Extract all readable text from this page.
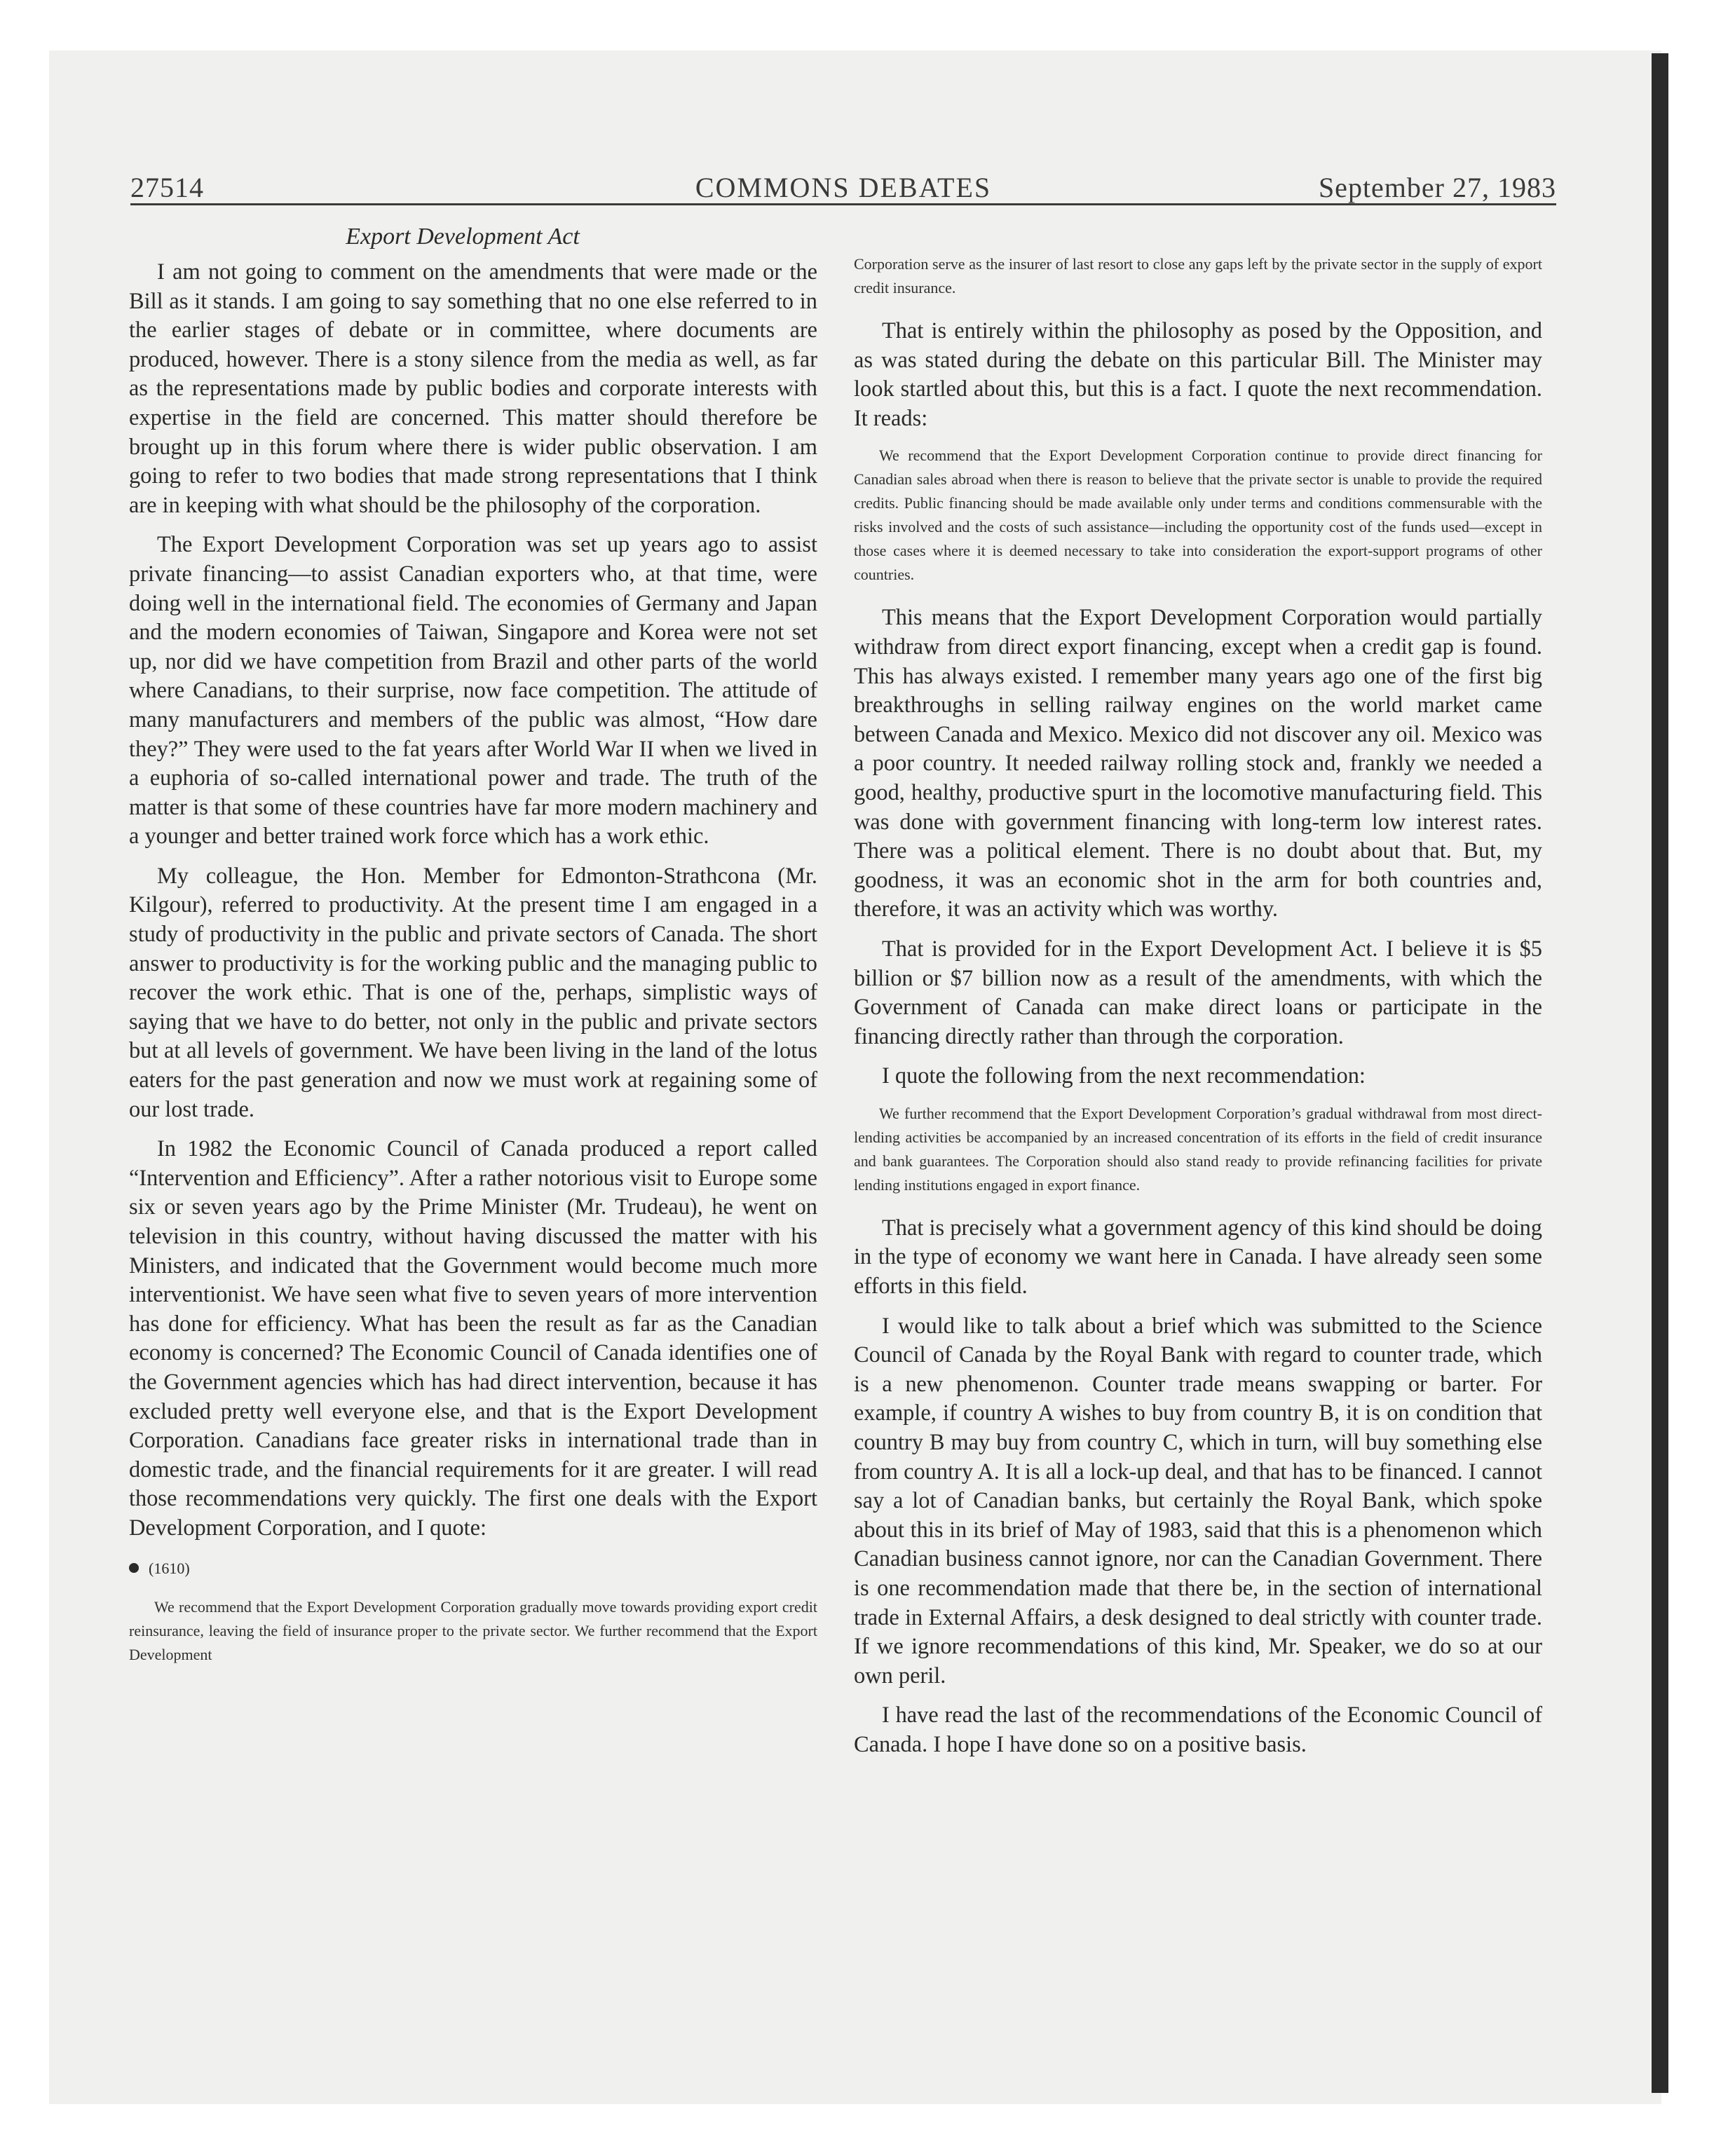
27514	COMMONS DEBATES	September 27, 1983
Export Development Act

I am not going to comment on the amendments that were made or the Bill as it stands. I am going to say something that no one else referred to in the earlier stages of debate or in committee, where documents are produced, however. There is a stony silence from the media as well, as far as the representations made by public bodies and corporate interests with expertise in the field are concerned. This matter should therefore be brought up in this forum where there is wider public observation. I am going to refer to two bodies that made strong representations that I think are in keeping with what should be the philosophy of the corporation.

The Export Development Corporation was set up years ago to assist private financing—to assist Canadian exporters who, at that time, were doing well in the international field. The economies of Germany and Japan and the modern economies of Taiwan, Singapore and Korea were not set up, nor did we have competition from Brazil and other parts of the world where Canadians, to their surprise, now face competition. The attitude of many manufacturers and members of the public was almost, “How dare they?” They were used to the fat years after World War II when we lived in a euphoria of so-called international power and trade. The truth of the matter is that some of these countries have far more modern machinery and a younger and better trained work force which has a work ethic.

My colleague, the Hon. Member for Edmonton-Strathcona (Mr. Kilgour), referred to productivity. At the present time I am engaged in a study of productivity in the public and private sectors of Canada. The short answer to productivity is for the working public and the managing public to recover the work ethic. That is one of the, perhaps, simplistic ways of saying that we have to do better, not only in the public and private sectors but at all levels of government. We have been living in the land of the lotus eaters for the past generation and now we must work at regaining some of our lost trade.

In 1982 the Economic Council of Canada produced a report called “Intervention and Efficiency”. After a rather notorious visit to Europe some six or seven years ago by the Prime Minister (Mr. Trudeau), he went on television in this country, without having discussed the matter with his Ministers, and indicated that the Government would become much more interventionist. We have seen what five to seven years of more intervention has done for efficiency. What has been the result as far as the Canadian economy is concerned? The Economic Council of Canada identifies one of the Government agencies which has had direct intervention, because it has excluded pretty well everyone else, and that is the Export Development Corporation. Canadians face greater risks in international trade than in domestic trade, and the financial requirements for it are greater. I will read those recommendations very quickly. The first one deals with the Export Development Corporation, and I quote:

(1610)
We recommend that the Export Development Corporation gradually move towards providing export credit reinsurance, leaving the field of insurance proper to the private sector. We further recommend that the Export Development
Corporation serve as the insurer of last resort to close any gaps left by the private sector in the supply of export credit insurance.

That is entirely within the philosophy as posed by the Opposition, and as was stated during the debate on this particular Bill. The Minister may look startled about this, but this is a fact. I quote the next recommendation. It reads:

We recommend that the Export Development Corporation continue to provide direct financing for Canadian sales abroad when there is reason to believe that the private sector is unable to provide the required credits. Public financing should be made available only under terms and conditions commensurable with the risks involved and the costs of such assistance—including the opportunity cost of the funds used—except in those cases where it is deemed necessary to take into consideration the export-support programs of other countries.

This means that the Export Development Corporation would partially withdraw from direct export financing, except when a credit gap is found. This has always existed. I remember many years ago one of the first big breakthroughs in selling railway engines on the world market came between Canada and Mexico. Mexico did not discover any oil. Mexico was a poor country. It needed railway rolling stock and, frankly we needed a good, healthy, productive spurt in the locomotive manufacturing field. This was done with government financing with long-term low interest rates. There was a political element. There is no doubt about that. But, my goodness, it was an economic shot in the arm for both countries and, therefore, it was an activity which was worthy.

That is provided for in the Export Development Act. I believe it is $5 billion or $7 billion now as a result of the amendments, with which the Government of Canada can make direct loans or participate in the financing directly rather than through the corporation.

I quote the following from the next recommendation:

We further recommend that the Export Development Corporation’s gradual withdrawal from most direct-lending activities be accompanied by an increased concentration of its efforts in the field of credit insurance and bank guarantees. The Corporation should also stand ready to provide refinancing facilities for private lending institutions engaged in export finance.

That is precisely what a government agency of this kind should be doing in the type of economy we want here in Canada. I have already seen some efforts in this field.

I would like to talk about a brief which was submitted to the Science Council of Canada by the Royal Bank with regard to counter trade, which is a new phenomenon. Counter trade means swapping or barter. For example, if country A wishes to buy from country B, it is on condition that country B may buy from country C, which in turn, will buy something else from country A. It is all a lock-up deal, and that has to be financed. I cannot say a lot of Canadian banks, but certainly the Royal Bank, which spoke about this in its brief of May of 1983, said that this is a phenomenon which Canadian business cannot ignore, nor can the Canadian Government. There is one recommendation made that there be, in the section of international trade in External Affairs, a desk designed to deal strictly with counter trade. If we ignore recommendations of this kind, Mr. Speaker, we do so at our own peril.

I have read the last of the recommendations of the Economic Council of Canada. I hope I have done so on a positive basis.
